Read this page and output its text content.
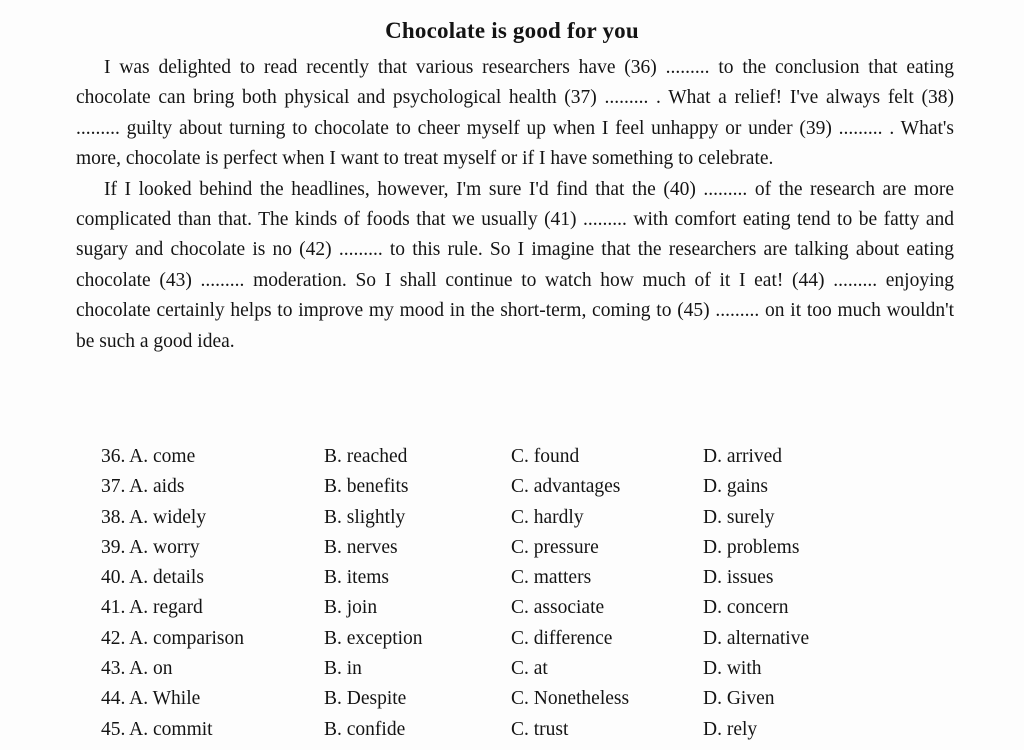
Chocolate is good for you

I was delighted to read recently that various researchers have (36) ......... to the conclusion that eating chocolate can bring both physical and psychological health (37) ......... . What a relief! I've always felt (38) ......... guilty about turning to chocolate to cheer myself up when I feel unhappy or under (39) ......... . What's more, chocolate is perfect when I want to treat myself or if I have something to celebrate.

If I looked behind the headlines, however, I'm sure I'd find that the (40) ......... of the research are more complicated than that. The kinds of foods that we usually (41) ......... with comfort eating tend to be fatty and sugary and chocolate is no (42) ......... to this rule. So I imagine that the researchers are talking about eating chocolate (43) ......... moderation. So I shall continue to watch how much of it I eat! (44) ......... enjoying chocolate certainly helps to improve my mood in the short-term, coming to (45) ......... on it too much wouldn't be such a good idea.

36. A. come	B. reached	C. found	D. arrived
37. A. aids	B. benefits	C. advantages	D. gains
38. A. widely	B. slightly	C. hardly	D. surely
39. A. worry	B. nerves	C. pressure	D. problems
40. A. details	B. items	C. matters	D. issues
41. A. regard	B. join	C. associate	D. concern
42. A. comparison	B. exception	C. difference	D. alternative
43. A. on	B. in	C. at	D. with
44. A. While	B. Despite	C. Nonetheless	D. Given
45. A. commit	B. confide	C. trust	D. rely
